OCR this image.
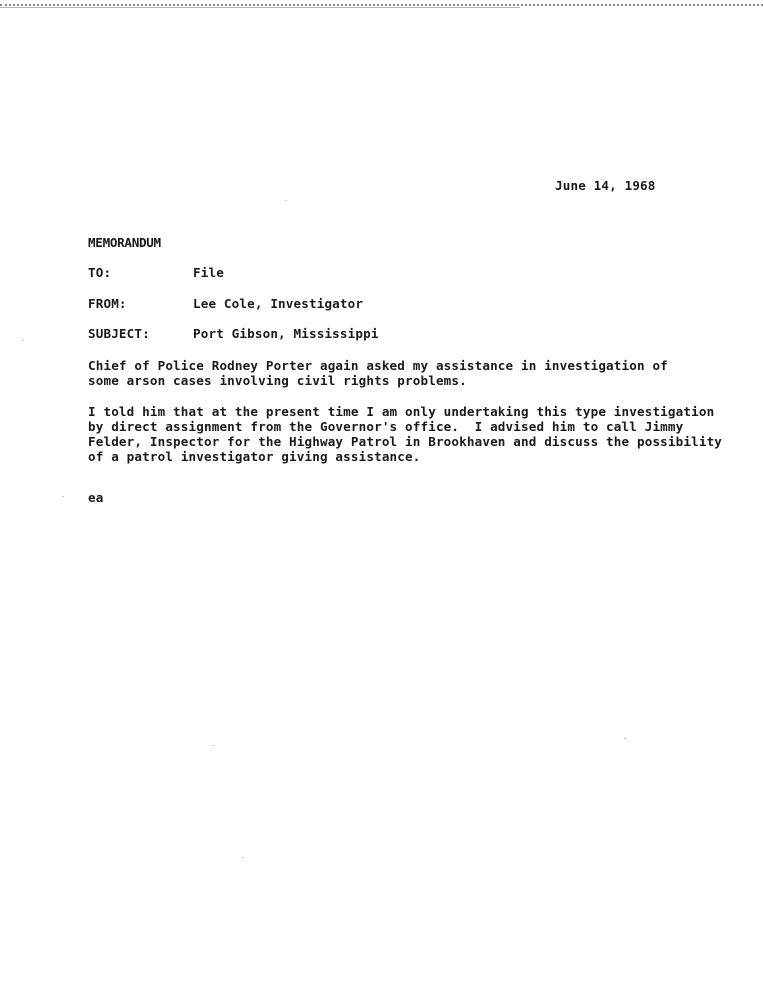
June 14, 1968
MEMORANDUM
TO:	File
FROM:	Lee Cole, Investigator
SUBJECT:	Port Gibson, Mississippi
Chief of Police Rodney Porter again asked my assistance in investigation of
some arson cases involving civil rights problems.
I told him that at the present time I am only undertaking this type investigation
by direct assignment from the Governor's office.  I advised him to call Jimmy
Felder, Inspector for the Highway Patrol in Brookhaven and discuss the possibility
of a patrol investigator giving assistance.
ea
